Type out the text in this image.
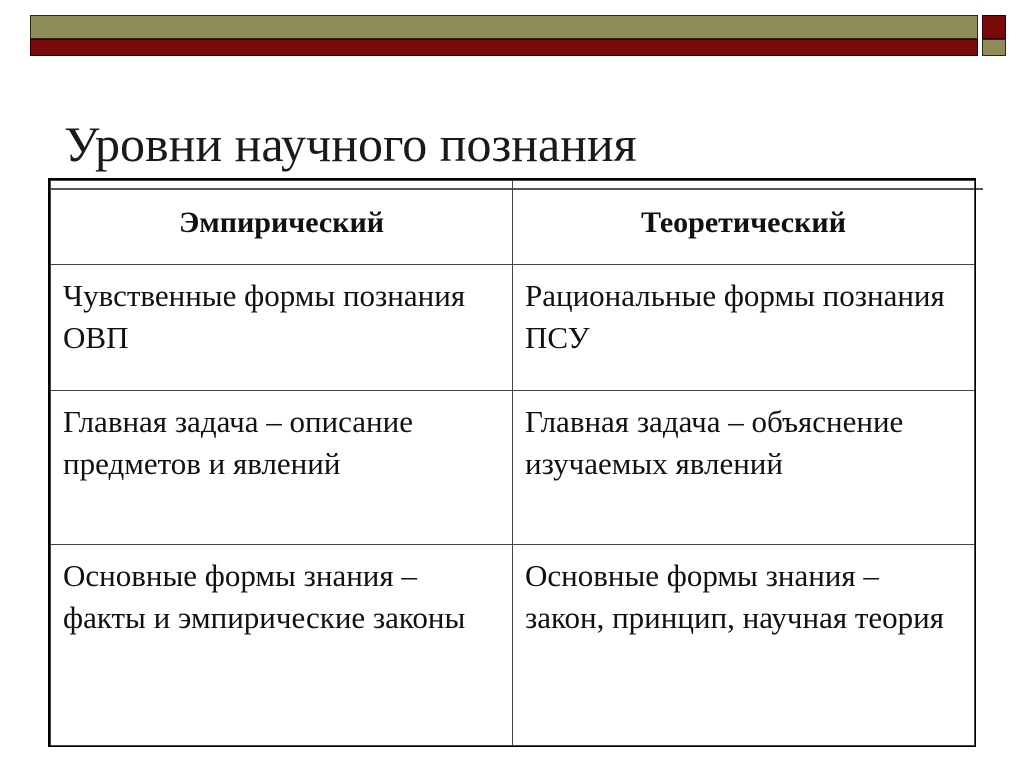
Уровни научного познания
Эмпирический	Теоретический

Чувственные формы познания ОВП	Рациональные формы познания ПСУ

Главная задача – описание предметов и явлений	Главная задача – объяснение изучаемых явлений

Основные формы знания – факты и эмпирические законы	Основные формы знания – закон, принцип, научная теория
